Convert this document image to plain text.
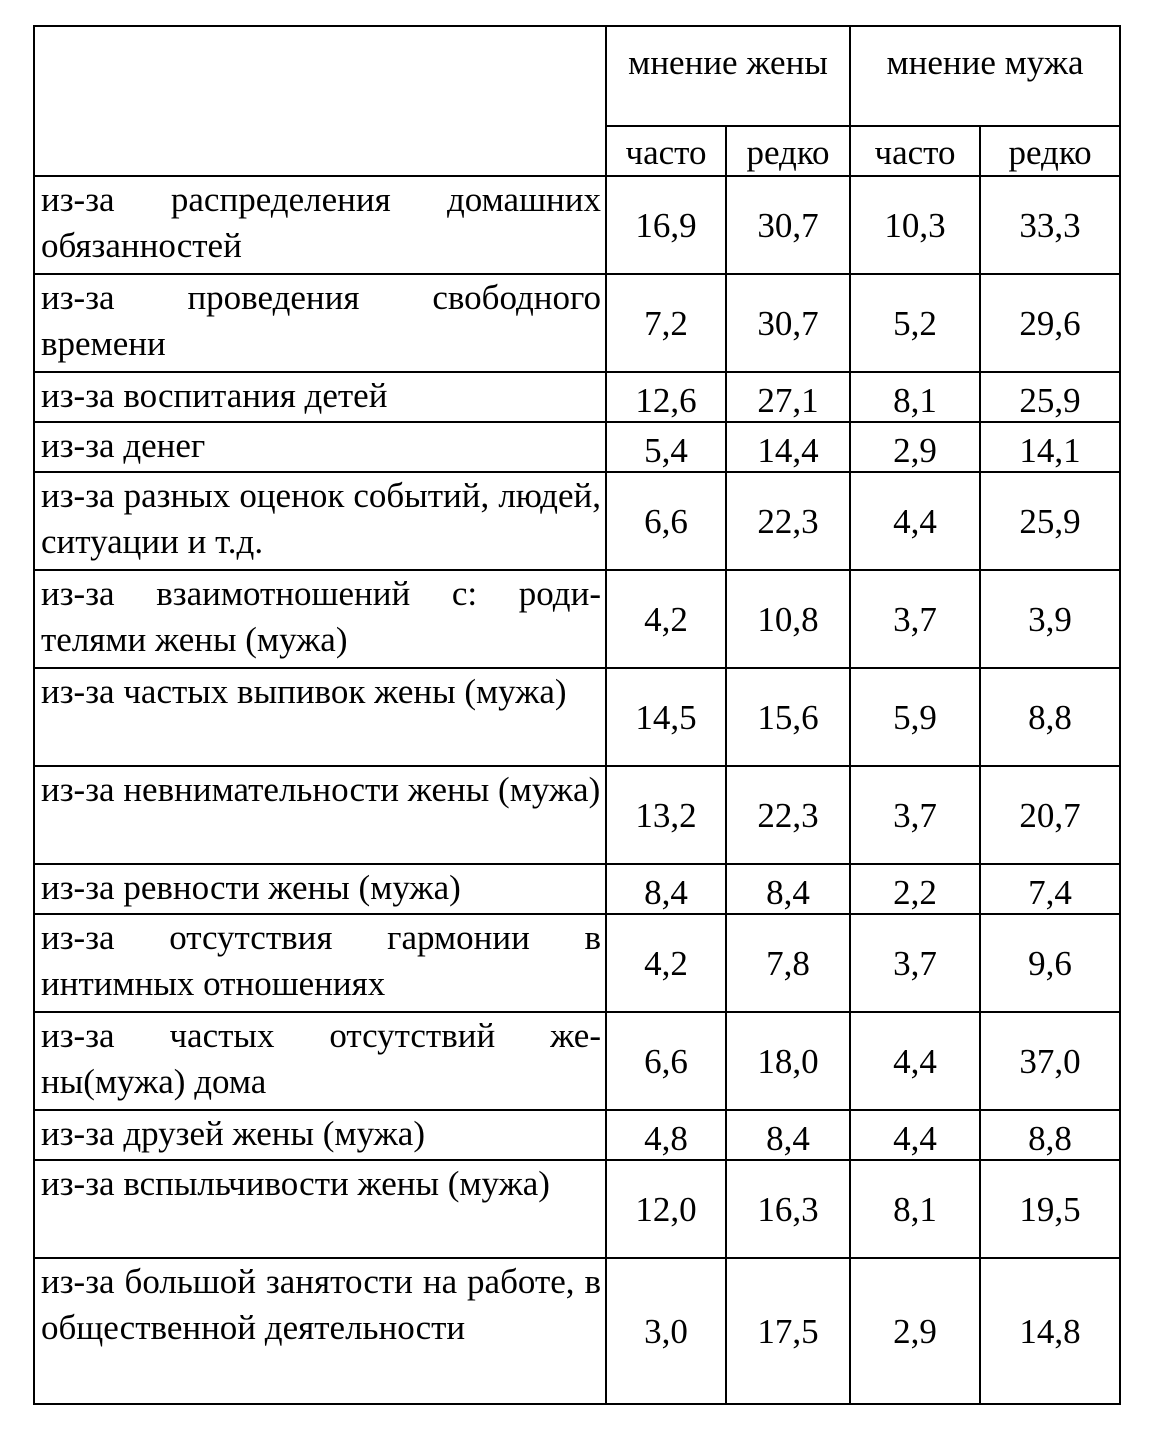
	мнение жены		мнение мужа	
	часто	редко	часто	редко
из-за распределения домашних обязанностей	16,9	30,7	10,3	33,3
из-за проведения свободного времени	7,2	30,7	5,2	29,6
из-за воспитания детей	12,6	27,1	8,1	25,9
из-за денег	5,4	14,4	2,9	14,1
из-за разных оценок событий, людей, ситуации и т.д.	6,6	22,3	4,4	25,9
из-за взаимотношений с: роди-телями жены (мужа)	4,2	10,8	3,7	3,9
из-за частых выпивок жены (мужа)	14,5	15,6	5,9	8,8
из-за невнимательности жены (мужа)	13,2	22,3	3,7	20,7
из-за ревности жены (мужа)	8,4	8,4	2,2	7,4
из-за отсутствия гармонии в интимных отношениях	4,2	7,8	3,7	9,6
из-за частых отсутствий же-ны(мужа) дома	6,6	18,0	4,4	37,0
из-за друзей жены (мужа)	4,8	8,4	4,4	8,8
из-за вспыльчивости жены (мужа)	12,0	16,3	8,1	19,5
из-за большой занятости на работе, в общественной деятельности	3,0	17,5	2,9	14,8
